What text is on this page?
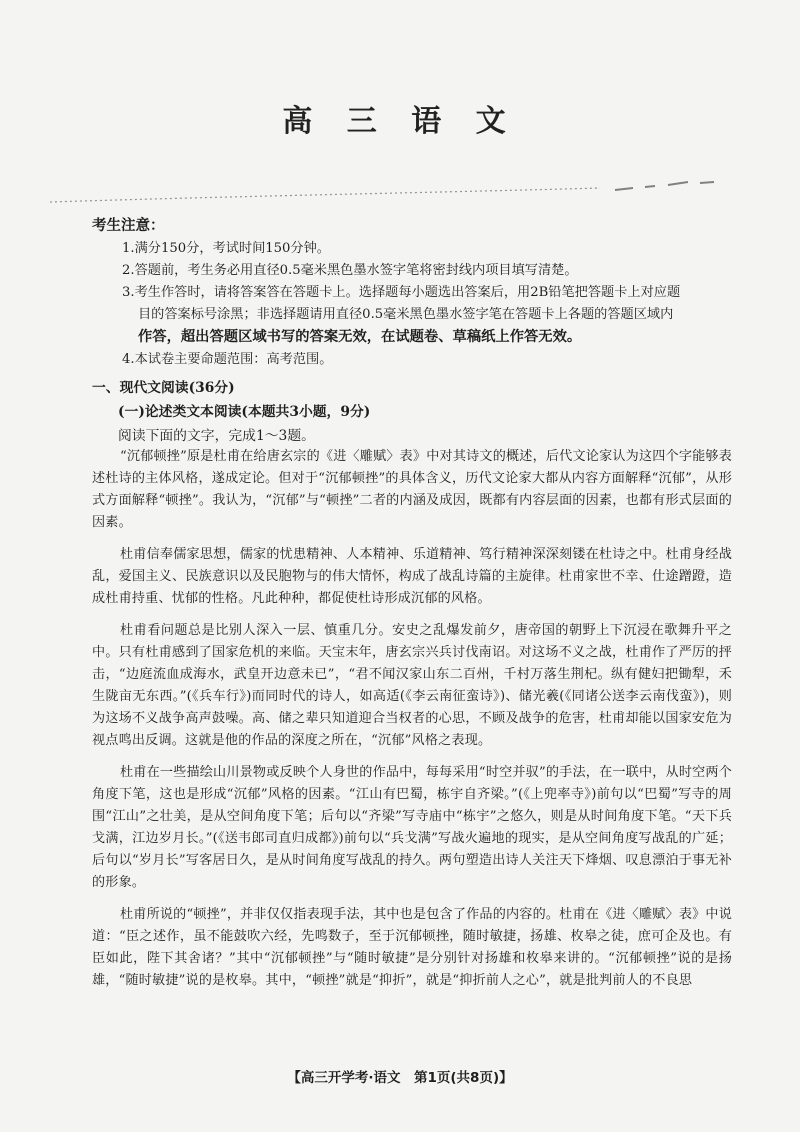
高 三 语 文
考生注意：
1.满分150分，考试时间150分钟。
2.答题前，考生务必用直径0.5毫米黑色墨水签字笔将密封线内项目填写清楚。
3.考生作答时，请将答案答在答题卡上。选择题每小题选出答案后，用2B铅笔把答题卡上对应题
目的答案标号涂黑；非选择题请用直径0.5毫米黑色墨水签字笔在答题卡上各题的答题区域内
作答，超出答题区域书写的答案无效，在试题卷、草稿纸上作答无效。
4.本试卷主要命题范围：高考范围。
一、现代文阅读(36分)
(一)论述类文本阅读(本题共3小题，9分)
阅读下面的文字，完成1～3题。

“沉郁顿挫”原是杜甫在给唐玄宗的《进〈雕赋〉表》中对其诗文的概述，后代文论家认为这四个字能够表述杜诗的主体风格，遂成定论。但对于“沉郁顿挫”的具体含义，历代文论家大都从内容方面解释“沉郁”，从形式方面解释“顿挫”。我认为，“沉郁”与“顿挫”二者的内涵及成因，既都有内容层面的因素，也都有形式层面的因素。

杜甫信奉儒家思想，儒家的忧患精神、人本精神、乐道精神、笃行精神深深刻镂在杜诗之中。杜甫身经战乱，爱国主义、民族意识以及民胞物与的伟大情怀，构成了战乱诗篇的主旋律。杜甫家世不幸、仕途蹭蹬，造成杜甫持重、忧郁的性格。凡此种种，都促使杜诗形成沉郁的风格。

杜甫看问题总是比别人深入一层、慎重几分。安史之乱爆发前夕，唐帝国的朝野上下沉浸在歌舞升平之中。只有杜甫感到了国家危机的来临。天宝末年，唐玄宗兴兵讨伐南诏。对这场不义之战，杜甫作了严厉的抨击，“边庭流血成海水，武皇开边意未已”，“君不闻汉家山东二百州，千村万落生荆杞。纵有健妇把锄犁，禾生陇亩无东西。”(《兵车行》)而同时代的诗人，如高适(《李云南征蛮诗》)、储光羲(《同诸公送李云南伐蛮》)，则为这场不义战争高声鼓噪。高、储之辈只知道迎合当权者的心思，不顾及战争的危害，杜甫却能以国家安危为视点鸣出反调。这就是他的作品的深度之所在，“沉郁”风格之表现。

杜甫在一些描绘山川景物或反映个人身世的作品中，每每采用“时空并驭”的手法，在一联中，从时空两个角度下笔，这也是形成“沉郁”风格的因素。“江山有巴蜀，栋宇自齐梁。”(《上兜率寺》)前句以“巴蜀”写寺的周围“江山”之壮美，是从空间角度下笔；后句以“齐梁”写寺庙中“栋宇”之悠久，则是从时间角度下笔。“天下兵戈满，江边岁月长。”(《送韦郎司直归成都》)前句以“兵戈满”写战火遍地的现实，是从空间角度写战乱的广延；后句以“岁月长”写客居日久，是从时间角度写战乱的持久。两句塑造出诗人关注天下烽烟、叹息漂泊于事无补的形象。

杜甫所说的“顿挫”，并非仅仅指表现手法，其中也是包含了作品的内容的。杜甫在《进〈雕赋〉表》中说道：“臣之述作，虽不能鼓吹六经，先鸣数子，至于沉郁顿挫，随时敏捷，扬雄、枚皋之徒，庶可企及也。有臣如此，陛下其舍诸？”其中“沉郁顿挫”与“随时敏捷”是分别针对扬雄和枚皋来讲的。“沉郁顿挫”说的是扬雄，“随时敏捷”说的是枚皋。其中，“顿挫”就是“抑折”，就是“抑折前人之心”，就是批判前人的不良思

【高三开学考·语文　第1页(共8页)】
